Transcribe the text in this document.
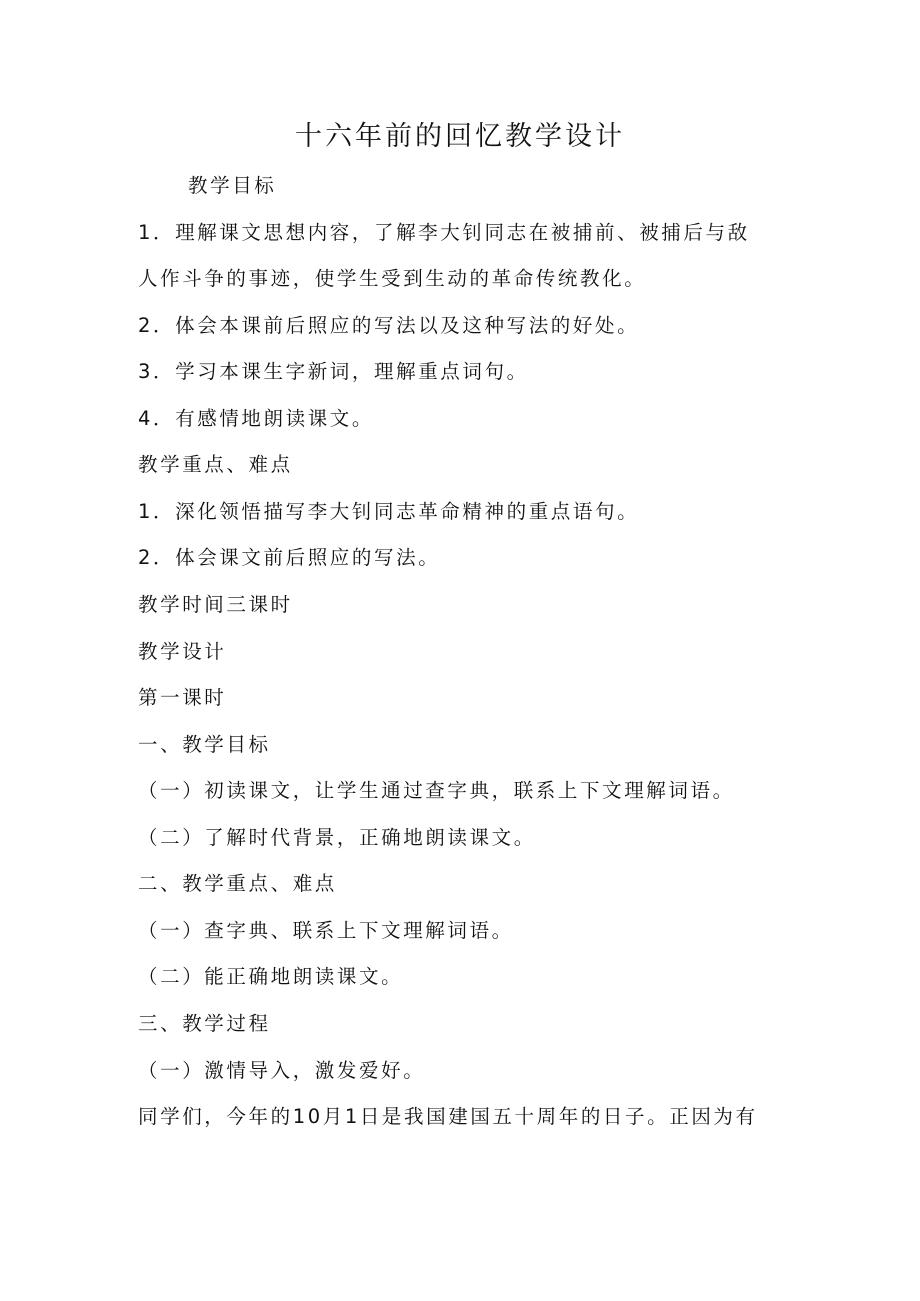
十六年前的回忆教学设计
教学目标
1．理解课文思想内容，了解李大钊同志在被捕前、被捕后与敌
人作斗争的事迹，使学生受到生动的革命传统教化。
2．体会本课前后照应的写法以及这种写法的好处。
3．学习本课生字新词，理解重点词句。
4．有感情地朗读课文。
教学重点、难点
1．深化领悟描写李大钊同志革命精神的重点语句。
2．体会课文前后照应的写法。
教学时间三课时
教学设计
第一课时
一、教学目标
（一）初读课文，让学生通过查字典，联系上下文理解词语。
（二）了解时代背景，正确地朗读课文。
二、教学重点、难点
（一）查字典、联系上下文理解词语。
（二）能正确地朗读课文。
三、教学过程
（一）激情导入，激发爱好。
同学们，今年的10月1日是我国建国五十周年的日子。正因为有
